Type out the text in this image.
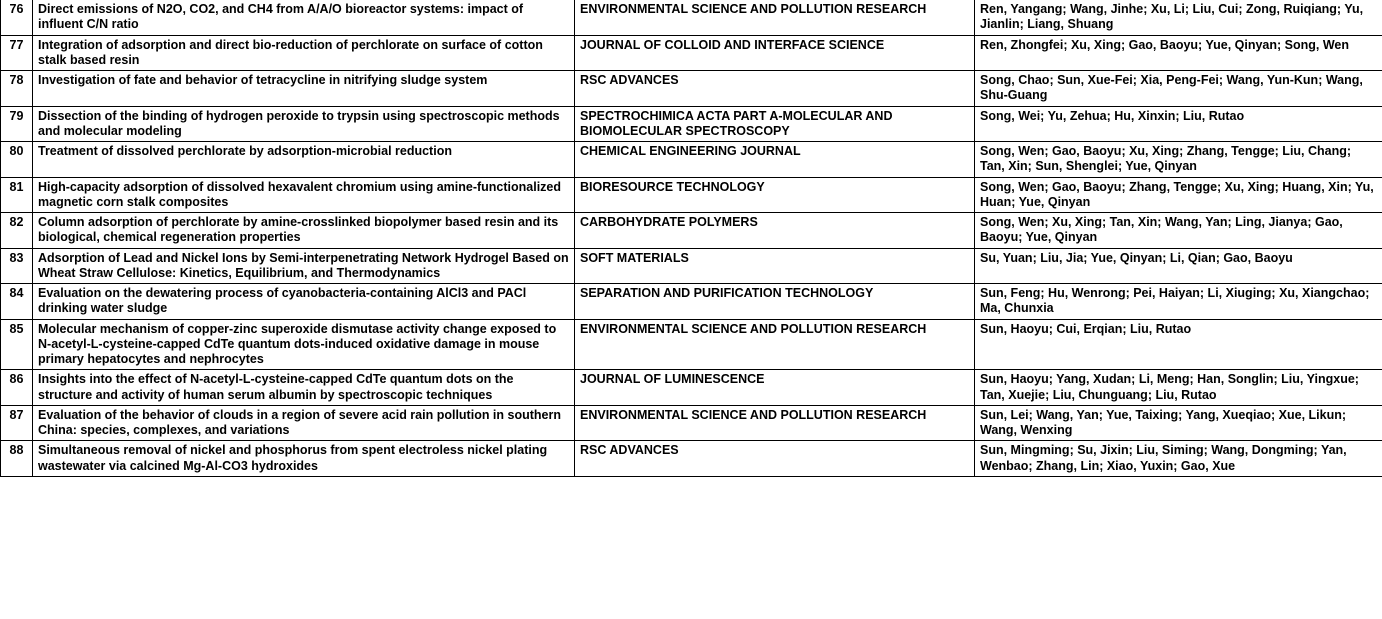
76	Direct emissions of N2O, CO2, and CH4 from A/A/O bioreactor systems: impact of influent C/N ratio	ENVIRONMENTAL SCIENCE AND POLLUTION RESEARCH	Ren, Yangang; Wang, Jinhe; Xu, Li; Liu, Cui; Zong, Ruiqiang; Yu, Jianlin; Liang, Shuang
77	Integration of adsorption and direct bio-reduction of perchlorate on surface of cotton stalk based resin	JOURNAL OF COLLOID AND INTERFACE SCIENCE	Ren, Zhongfei; Xu, Xing; Gao, Baoyu; Yue, Qinyan; Song, Wen
78	Investigation of fate and behavior of tetracycline in nitrifying sludge system	RSC ADVANCES	Song, Chao; Sun, Xue-Fei; Xia, Peng-Fei; Wang, Yun-Kun; Wang, Shu-Guang
79	Dissection of the binding of hydrogen peroxide to trypsin using spectroscopic methods and molecular modeling	SPECTROCHIMICA ACTA PART A-MOLECULAR AND BIOMOLECULAR SPECTROSCOPY	Song, Wei; Yu, Zehua; Hu, Xinxin; Liu, Rutao
80	Treatment of dissolved perchlorate by adsorption-microbial reduction	CHEMICAL ENGINEERING JOURNAL	Song, Wen; Gao, Baoyu; Xu, Xing; Zhang, Tengge; Liu, Chang; Tan, Xin; Sun, Shenglei; Yue, Qinyan
81	High-capacity adsorption of dissolved hexavalent chromium using amine-functionalized magnetic corn stalk composites	BIORESOURCE TECHNOLOGY	Song, Wen; Gao, Baoyu; Zhang, Tengge; Xu, Xing; Huang, Xin; Yu, Huan; Yue, Qinyan
82	Column adsorption of perchlorate by amine-crosslinked biopolymer based resin and its biological, chemical regeneration properties	CARBOHYDRATE POLYMERS	Song, Wen; Xu, Xing; Tan, Xin; Wang, Yan; Ling, Jianya; Gao, Baoyu; Yue, Qinyan
83	Adsorption of Lead and Nickel Ions by Semi-interpenetrating Network Hydrogel Based on Wheat Straw Cellulose: Kinetics, Equilibrium, and Thermodynamics	SOFT MATERIALS	Su, Yuan; Liu, Jia; Yue, Qinyan; Li, Qian; Gao, Baoyu
84	Evaluation on the dewatering process of cyanobacteria-containing AlCl3 and PACl drinking water sludge	SEPARATION AND PURIFICATION TECHNOLOGY	Sun, Feng; Hu, Wenrong; Pei, Haiyan; Li, Xiuging; Xu, Xiangchao; Ma, Chunxia
85	Molecular mechanism of copper-zinc superoxide dismutase activity change exposed to N-acetyl-L-cysteine-capped CdTe quantum dots-induced oxidative damage in mouse primary hepatocytes and nephrocytes	ENVIRONMENTAL SCIENCE AND POLLUTION RESEARCH	Sun, Haoyu; Cui, Erqian; Liu, Rutao
86	Insights into the effect of N-acetyl-L-cysteine-capped CdTe quantum dots on the structure and activity of human serum albumin by spectroscopic techniques	JOURNAL OF LUMINESCENCE	Sun, Haoyu; Yang, Xudan; Li, Meng; Han, Songlin; Liu, Yingxue; Tan, Xuejie; Liu, Chunguang; Liu, Rutao
87	Evaluation of the behavior of clouds in a region of severe acid rain pollution in southern China: species, complexes, and variations	ENVIRONMENTAL SCIENCE AND POLLUTION RESEARCH	Sun, Lei; Wang, Yan; Yue, Taixing; Yang, Xueqiao; Xue, Likun; Wang, Wenxing
88	Simultaneous removal of nickel and phosphorus from spent electroless nickel plating wastewater via calcined Mg-Al-CO3 hydroxides	RSC ADVANCES	Sun, Mingming; Su, Jixin; Liu, Siming; Wang, Dongming; Yan, Wenbao; Zhang, Lin; Xiao, Yuxin; Gao, Xue
